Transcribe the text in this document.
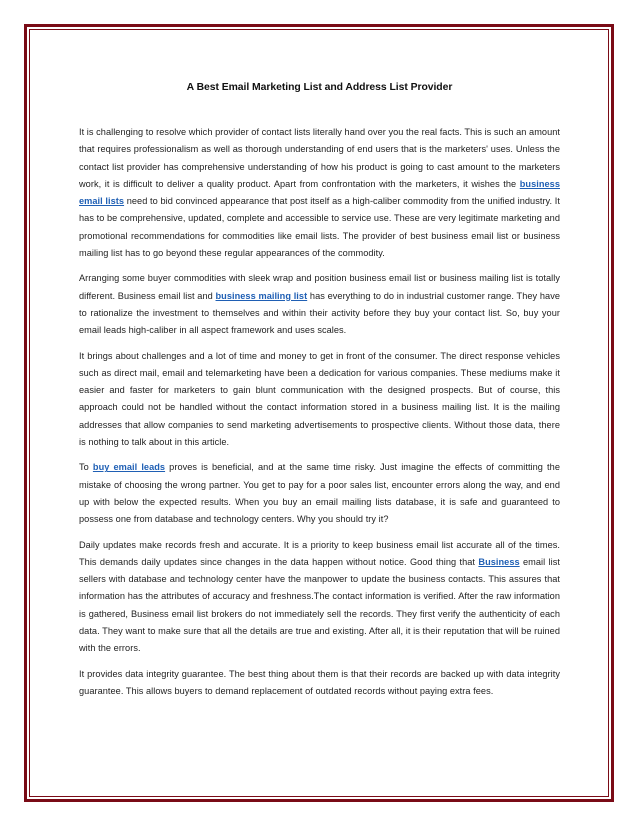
A Best Email Marketing List and Address List Provider

It is challenging to resolve which provider of contact lists literally hand over you the real facts. This is such an amount that requires professionalism as well as thorough understanding of end users that is the marketers' uses. Unless the contact list provider has comprehensive understanding of how his product is going to cast amount to the marketers work, it is difficult to deliver a quality product. Apart from confrontation with the marketers, it wishes the business email lists need to bid convinced appearance that post itself as a high-caliber commodity from the unified industry. It has to be comprehensive, updated, complete and accessible to service use. These are very legitimate marketing and promotional recommendations for commodities like email lists. The provider of best business email list or business mailing list has to go beyond these regular appearances of the commodity.

Arranging some buyer commodities with sleek wrap and position business email list or business mailing list is totally different. Business email list and business mailing list has everything to do in industrial customer range. They have to rationalize the investment to themselves and within their activity before they buy your contact list. So, buy your email leads high-caliber in all aspect framework and uses scales.

It brings about challenges and a lot of time and money to get in front of the consumer. The direct response vehicles such as direct mail, email and telemarketing have been a dedication for various companies. These mediums make it easier and faster for marketers to gain blunt communication with the designed prospects. But of course, this approach could not be handled without the contact information stored in a business mailing list. It is the mailing addresses that allow companies to send marketing advertisements to prospective clients. Without those data, there is nothing to talk about in this article.

To buy email leads proves is beneficial, and at the same time risky. Just imagine the effects of committing the mistake of choosing the wrong partner. You get to pay for a poor sales list, encounter errors along the way, and end up with below the expected results. When you buy an email mailing lists database, it is safe and guaranteed to possess one from database and technology centers. Why you should try it?

Daily updates make records fresh and accurate. It is a priority to keep business email list accurate all of the times. This demands daily updates since changes in the data happen without notice. Good thing that Business email list sellers with database and technology center have the manpower to update the business contacts. This assures that information has the attributes of accuracy and freshness.The contact information is verified. After the raw information is gathered, Business email list brokers do not immediately sell the records. They first verify the authenticity of each data. They want to make sure that all the details are true and existing. After all, it is their reputation that will be ruined with the errors.

It provides data integrity guarantee. The best thing about them is that their records are backed up with data integrity guarantee. This allows buyers to demand replacement of outdated records without paying extra fees.
